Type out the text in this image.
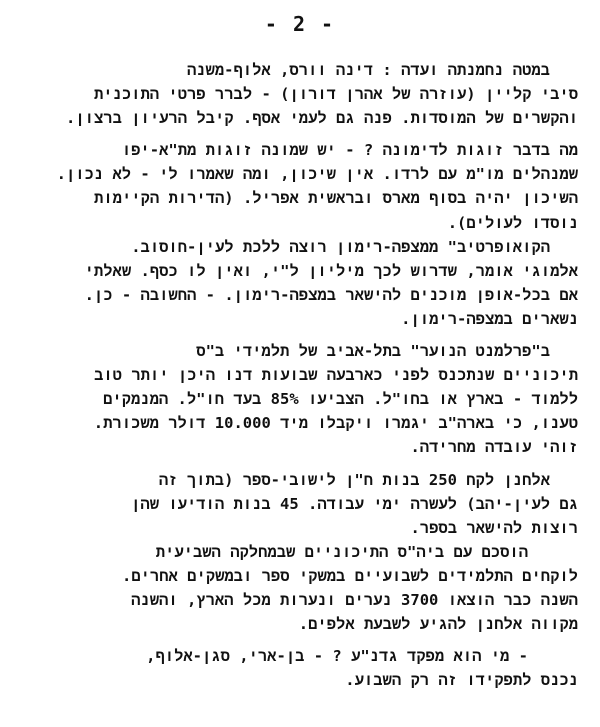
- 2 -
במטה נחמנתה ועדה : דינה וורס, אלוף-משנה
סיבי קליין (עוזרה של אהרן דורון) - לברר פרטי התוכנית
והקשרים של המוסדות. פנה גם לעמי אסף. קיבל הרעיון ברצון.
מה בדבר זוגות לדימונה ? - יש שמונה זוגות מת"א-יפו
שמנהלים מו"מ עם לרדו. אין שיכון, ומה שאמרו לי - לא נכון.
השיכון יהיה בסוף מארס ובראשית אפריל. (הדירות הקיימות
נוסדו לעולים).
הקואופרטיב" ממצפה-רימון רוצה ללכת לעין-חוסוב.
אלמוגי אומר, שדרוש לכך מיליון ל"י, ואין לו כסף. שאלתי
אם בכל-אופן מוכנים להישאר במצפה-רימון. - החשובה - כן.
נשארים במצפה-רימון.
ב"פרלמנט הנוער" בתל-אביב של תלמידי ב"ס
תיכוניים שנתכנס לפני כארבעה שבועות דנו היכן יותר טוב
ללמוד - בארץ או בחו"ל. הצביעו 85% בעד חו"ל. המנמקים
טענו, כי בארה"ב יגמרו ויקבלו מיד 10.000 דולר משכורת.
זוהי עובדה מחרידה.
אלחנן לקח 250 בנות ח"ן לישובי-ספר (בתוך זה
גם לעין-יהב) לעשרה ימי עבודה. 45 בנות הודיעו שהן
רוצות להישאר בספר.
הוסכם עם ביה"ס התיכוניים שבמחלקה השביעית
לוקחים התלמידים לשבועיים במשקי ספר ובמשקים אחרים.
השנה כבר הוצאו 3700 נערים ונערות מכל הארץ, והשנה
מקווה אלחנן להגיע לשבעת אלפים.
- מי הוא מפקד גדנ"ע ? - בן-ארי, סגן-אלוף,
נכנס לתפקידו זה רק השבוע.
